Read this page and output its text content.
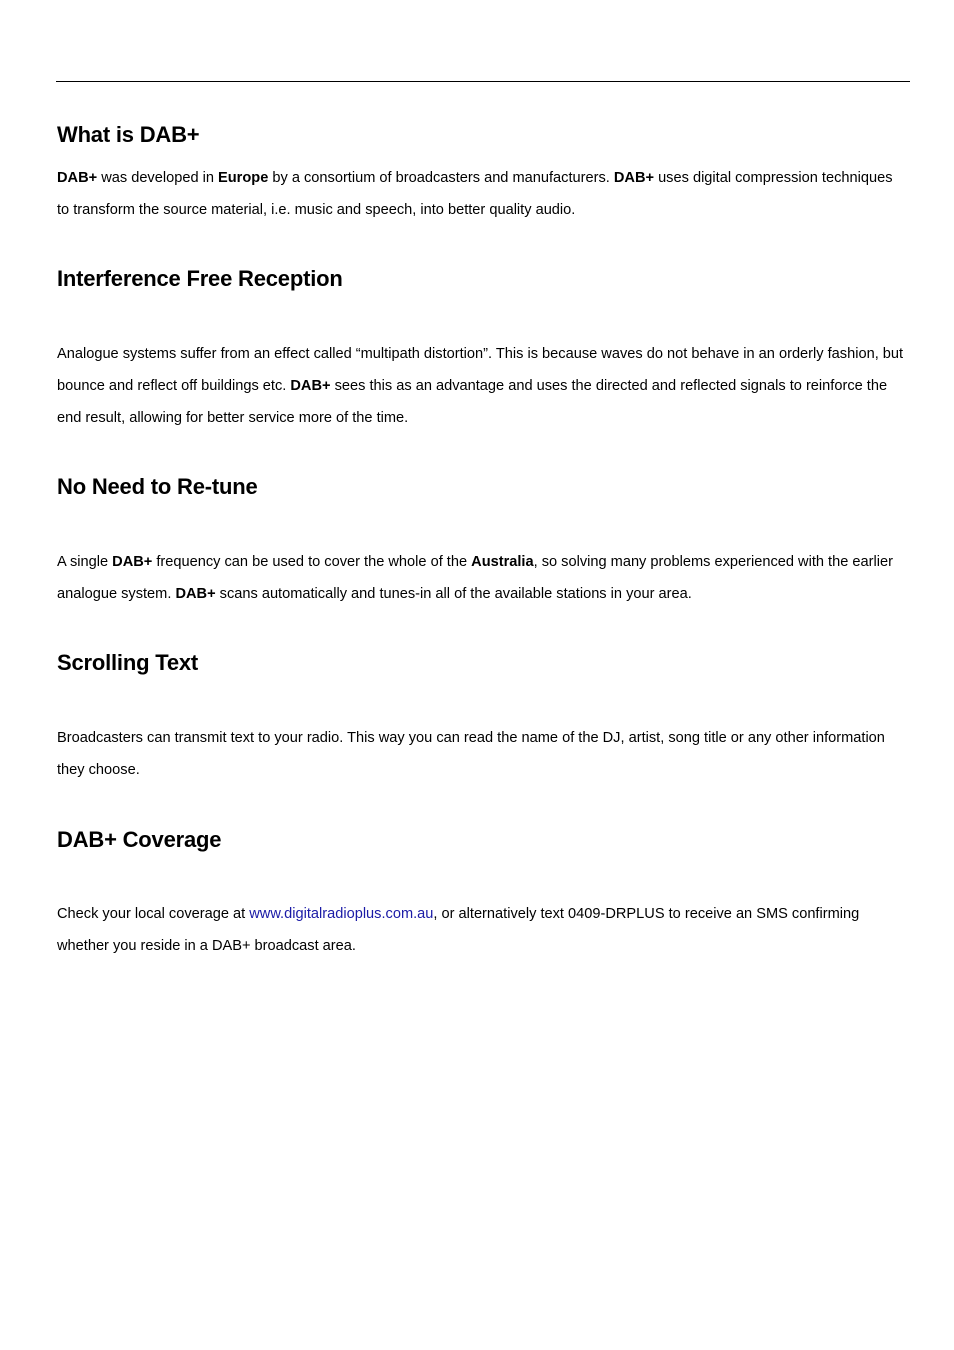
What is DAB+

DAB+ was developed in Europe by a consortium of broadcasters and manufacturers. DAB+ uses digital compression techniques to transform the source material, i.e. music and speech, into better quality audio.

Interference Free Reception

Analogue systems suffer from an effect called “multipath distortion”. This is because waves do not behave in an orderly fashion, but bounce and reflect off buildings etc. DAB+ sees this as an advantage and uses the directed and reflected signals to reinforce the end result, allowing for better service more of the time.

No Need to Re-tune

A single DAB+ frequency can be used to cover the whole of the Australia, so solving many problems experienced with the earlier analogue system. DAB+ scans automatically and tunes-in all of the available stations in your area.

Scrolling Text

Broadcasters can transmit text to your radio. This way you can read the name of the DJ, artist, song title or any other information they choose.

DAB+ Coverage

Check your local coverage at www.digitalradioplus.com.au, or alternatively text 0409-DRPLUS to receive an SMS confirming whether you reside in a DAB+ broadcast area.
